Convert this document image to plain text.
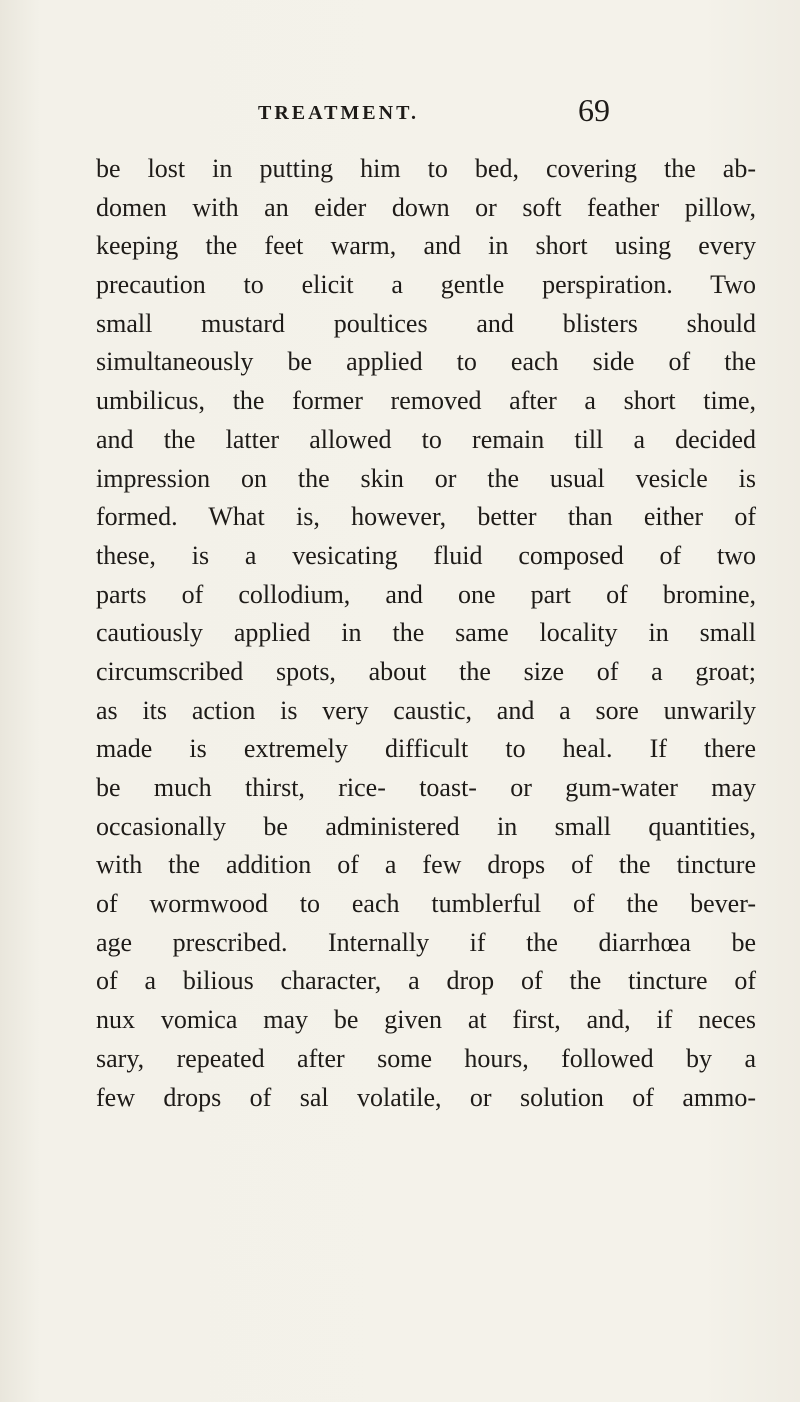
TREATMENT.	69
be lost in putting him to bed, covering the ab-
domen with an eider down or soft feather pillow,
keeping the feet warm, and in short using every
precaution to elicit a gentle perspiration. Two
small mustard poultices and blisters should
simultaneously be applied to each side of the
umbilicus, the former removed after a short time,
and the latter allowed to remain till a decided
impression on the skin or the usual vesicle is
formed. What is, however, better than either of
these, is a vesicating fluid composed of two
parts of collodium, and one part of bromine,
cautiously applied in the same locality in small
circumscribed spots, about the size of a groat;
as its action is very caustic, and a sore unwarily
made is extremely difficult to heal. If there
be much thirst, rice- toast- or gum-water may
occasionally be administered in small quantities,
with the addition of a few drops of the tincture
of wormwood to each tumblerful of the bever-
age prescribed. Internally if the diarrhœa be
of a bilious character, a drop of the tincture of
nux vomica may be given at first, and, if neces
sary, repeated after some hours, followed by a
few drops of sal volatile, or solution of ammo-
